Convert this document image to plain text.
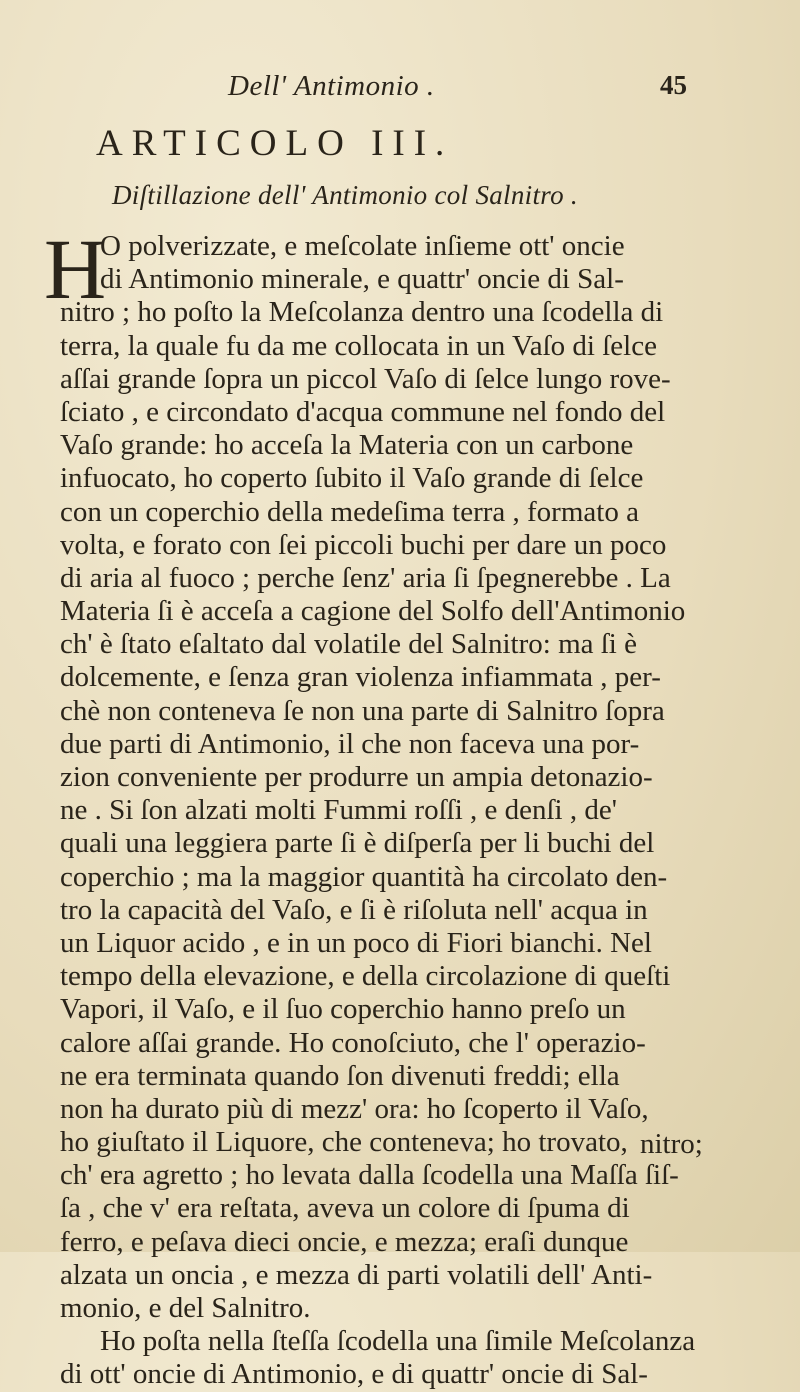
Dell' Antimonio .	45
ARTICOLO III.
Diſtillazione dell' Antimonio col Salnitro .
H
O polverizzate, e meſcolate inſieme ott' oncie
di Antimonio minerale, e quattr' oncie di Sal-
nitro ; ho poſto la Meſcolanza dentro una ſcodella di
terra, la quale fu da me collocata in un Vaſo di ſelce
aſſai grande ſopra un piccol Vaſo di ſelce lungo rove-
ſciato , e circondato d'acqua commune nel fondo del
Vaſo grande: ho acceſa la Materia con un carbone
infuocato, ho coperto ſubito il Vaſo grande di ſelce
con un coperchio della medeſima terra , formato a
volta, e forato con ſei piccoli buchi per dare un poco
di aria al fuoco ; perche ſenz' aria ſi ſpegnerebbe . La
Materia ſi è acceſa a cagione del Solfo dell'Antimonio
ch' è ſtato eſaltato dal volatile del Salnitro: ma ſi è
dolcemente, e ſenza gran violenza infiammata , per-
chè non conteneva ſe non una parte di Salnitro ſopra
due parti di Antimonio, il che non faceva una por-
zion conveniente per produrre un ampia detonazio-
ne . Si ſon alzati molti Fummi roſſi , e denſi , de'
quali una leggiera parte ſi è diſperſa per li buchi del
coperchio ; ma la maggior quantità ha circolato den-
tro la capacità del Vaſo, e ſi è riſoluta nell' acqua in
un Liquor acido , e in un poco di Fiori bianchi. Nel
tempo della elevazione, e della circolazione di queſti
Vapori, il Vaſo, e il ſuo coperchio hanno preſo un
calore aſſai grande. Ho conoſciuto, che l' operazio-
ne era terminata quando ſon divenuti freddi; ella
non ha durato più di mezz' ora: ho ſcoperto il Vaſo,
ho giuſtato il Liquore, che conteneva; ho trovato,
ch' era agretto ; ho levata dalla ſcodella una Maſſa ſiſ-
ſa , che v' era reſtata, aveva un colore di ſpuma di
ferro, e peſava dieci oncie, e mezza; eraſi dunque
alzata un oncia , e mezza di parti volatili dell' Anti-
monio, e del Salnitro.
Ho poſta nella ſteſſa ſcodella una ſimile Meſcolanza
di ott' oncie di Antimonio, e di quattr' oncie di Sal-
nitro;
